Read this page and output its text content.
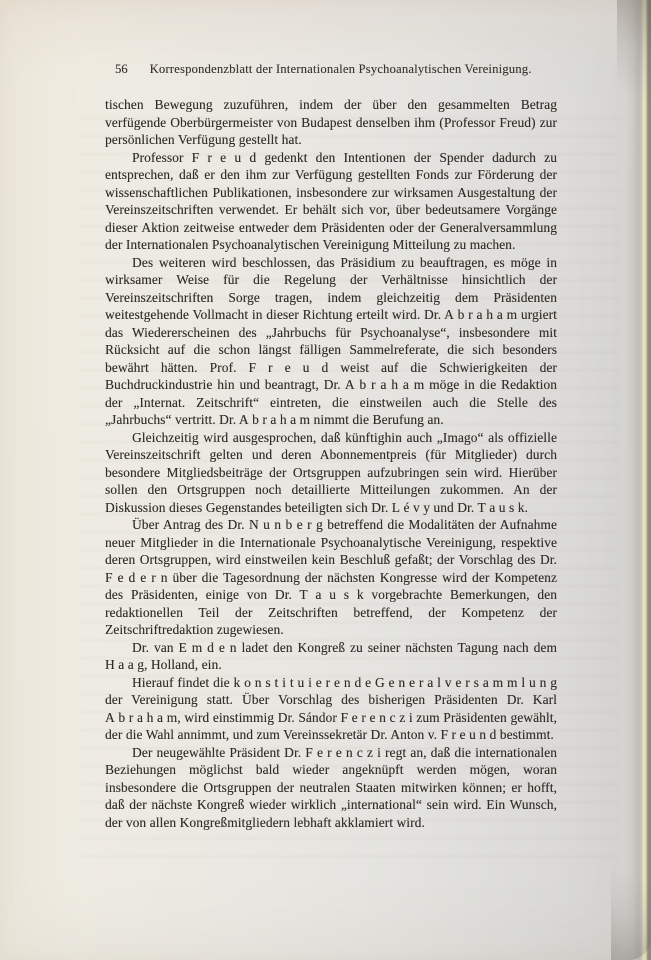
56 Korrespondenzblatt der Internationalen Psychoanalytischen Vereinigung.

tischen Bewegung zuzuführen, indem der über den gesammelten Betrag verfügende Oberbürgermeister von Budapest denselben ihm (Professor Freud) zur persönlichen Verfügung gestellt hat.

Professor F r e u d gedenkt den Intentionen der Spender dadurch zu entsprechen, daß er den ihm zur Verfügung gestellten Fonds zur Förderung der wissenschaftlichen Publikationen, insbesondere zur wirksamen Ausgestaltung der Vereinszeitschriften verwendet. Er behält sich vor, über bedeutsamere Vorgänge dieser Aktion zeitweise entweder dem Präsidenten oder der Generalversammlung der Internationalen Psychoanalytischen Vereinigung Mitteilung zu machen.

Des weiteren wird beschlossen, das Präsidium zu beauftragen, es möge in wirksamer Weise für die Regelung der Verhältnisse hinsichtlich der Vereinszeitschriften Sorge tragen, indem gleichzeitig dem Präsidenten weitestgehende Vollmacht in dieser Richtung erteilt wird. Dr. A b r a h a m urgiert das Wiedererscheinen des „Jahrbuchs für Psychoanalyse“, insbesondere mit Rücksicht auf die schon längst fälligen Sammelreferate, die sich besonders bewährt hätten. Prof. F r e u d weist auf die Schwierigkeiten der Buchdruckindustrie hin und beantragt, Dr. A b r a h a m möge in die Redaktion der „Internat. Zeitschrift“ eintreten, die einstweilen auch die Stelle des „Jahrbuchs“ vertritt. Dr. A b r a h a m nimmt die Berufung an.

Gleichzeitig wird ausgesprochen, daß künftighin auch „Imago“ als offizielle Vereinszeitschrift gelten und deren Abonnementpreis (für Mitglieder) durch besondere Mitgliedsbeiträge der Ortsgruppen aufzubringen sein wird. Hierüber sollen den Ortsgruppen noch detaillierte Mitteilungen zukommen. An der Diskussion dieses Gegenstandes beteiligten sich Dr. L é v y und Dr. T a u s k.

Über Antrag des Dr. N u n b e r g betreffend die Modalitäten der Aufnahme neuer Mitglieder in die Internationale Psychoanalytische Vereinigung, respektive deren Ortsgruppen, wird einstweilen kein Beschluß gefaßt; der Vorschlag des Dr. F e d e r n über die Tagesordnung der nächsten Kongresse wird der Kompetenz des Präsidenten, einige von Dr. T a u s k vorgebrachte Bemerkungen, den redaktionellen Teil der Zeitschriften betreffend, der Kompetenz der Zeitschriftredaktion zugewiesen.

Dr. van E m d e n ladet den Kongreß zu seiner nächsten Tagung nach dem H a a g, Holland, ein.

Hierauf findet die k o n s t i t u i e r e n d e G e n e r a l v e r s a m m l u n g der Vereinigung statt. Über Vorschlag des bisherigen Präsidenten Dr. Karl A b r a h a m, wird einstimmig Dr. Sándor F e r e n c z i zum Präsidenten gewählt, der die Wahl annimmt, und zum Vereinssekretär Dr. Anton v. F r e u n d bestimmt.

Der neugewählte Präsident Dr. F e r e n c z i regt an, daß die internationalen Beziehungen möglichst bald wieder angeknüpft werden mögen, woran insbesondere die Ortsgruppen der neutralen Staaten mitwirken können; er hofft, daß der nächste Kongreß wieder wirklich „international“ sein wird. Ein Wunsch, der von allen Kongreßmitgliedern lebhaft akklamiert wird.
